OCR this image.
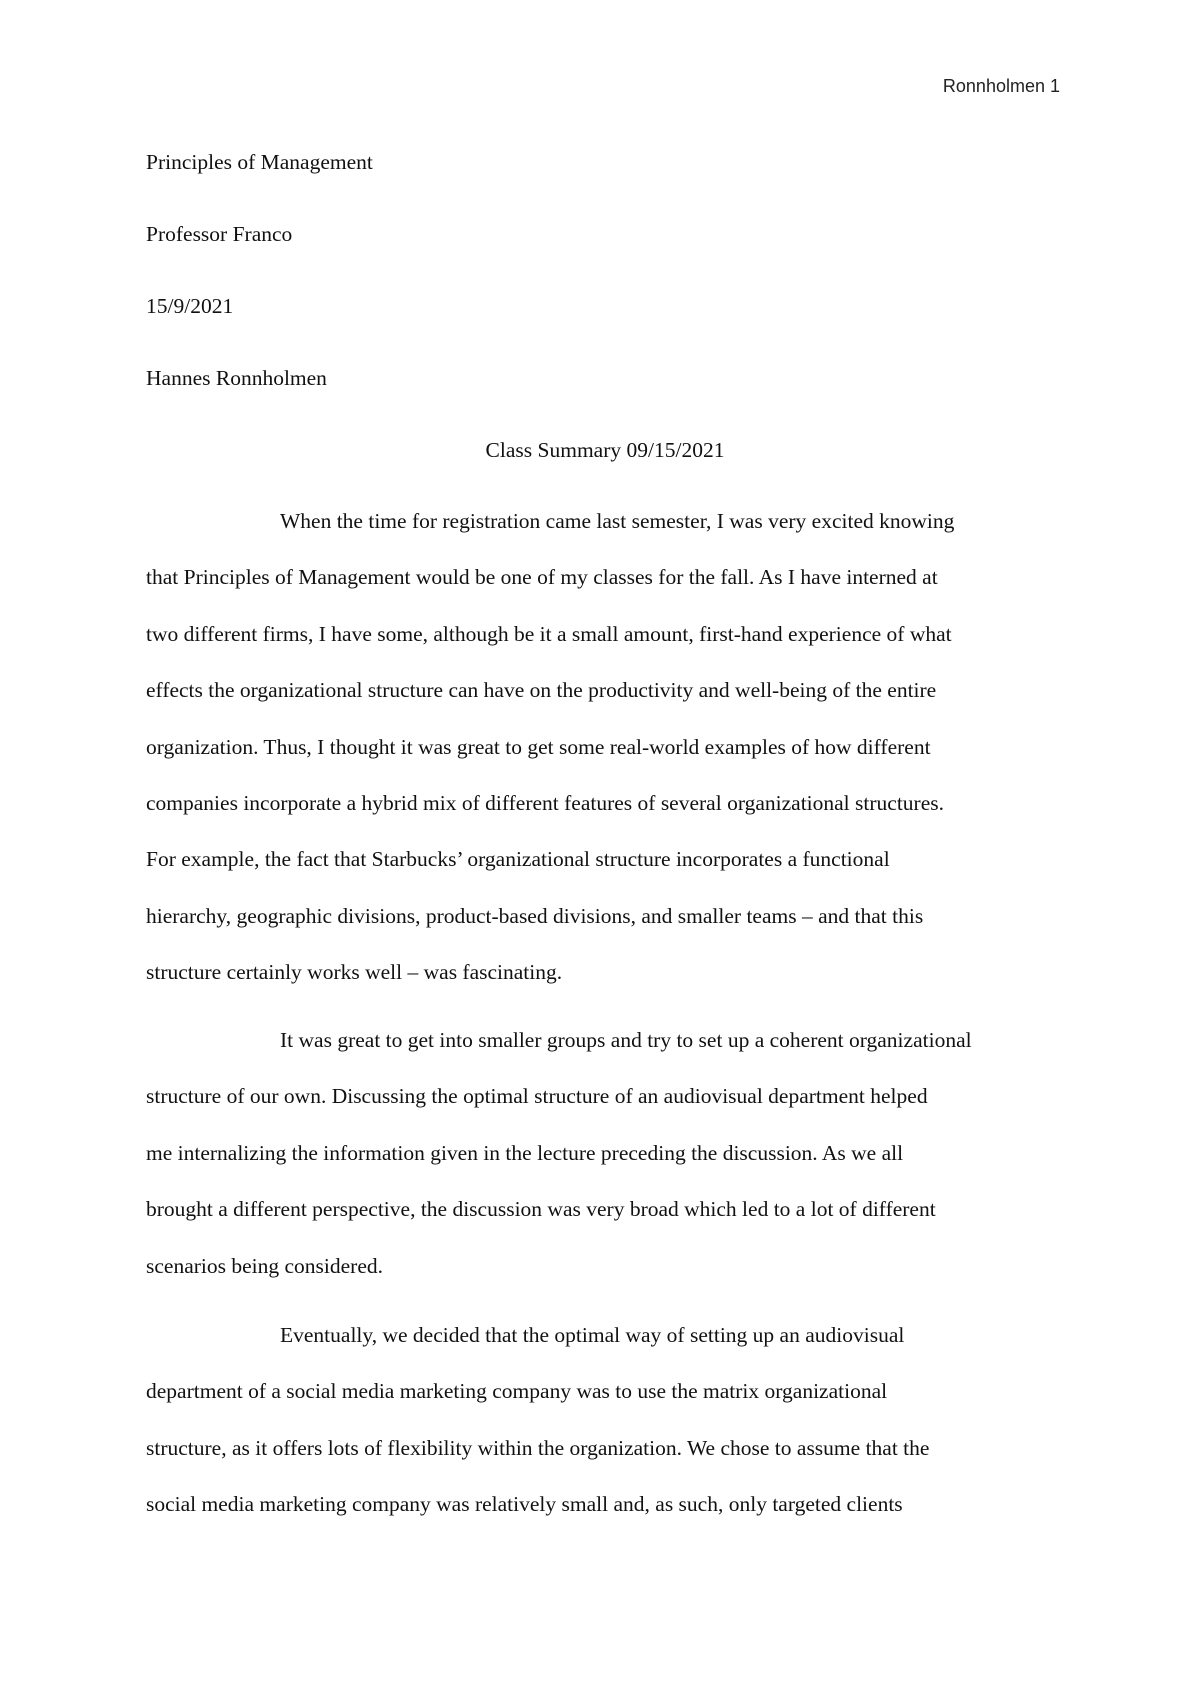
Ronnholmen 1
Principles of Management
Professor Franco
15/9/2021
Hannes Ronnholmen
Class Summary 09/15/2021
When the time for registration came last semester, I was very excited knowing
that Principles of Management would be one of my classes for the fall. As I have interned at
two different firms, I have some, although be it a small amount, first-hand experience of what
effects the organizational structure can have on the productivity and well-being of the entire
organization. Thus, I thought it was great to get some real-world examples of how different
companies incorporate a hybrid mix of different features of several organizational structures.
For example, the fact that Starbucks’ organizational structure incorporates a functional
hierarchy, geographic divisions, product-based divisions, and smaller teams – and that this
structure certainly works well – was fascinating.
It was great to get into smaller groups and try to set up a coherent organizational
structure of our own. Discussing the optimal structure of an audiovisual department helped
me internalizing the information given in the lecture preceding the discussion. As we all
brought a different perspective, the discussion was very broad which led to a lot of different
scenarios being considered.
Eventually, we decided that the optimal way of setting up an audiovisual
department of a social media marketing company was to use the matrix organizational
structure, as it offers lots of flexibility within the organization. We chose to assume that the
social media marketing company was relatively small and, as such, only targeted clients
